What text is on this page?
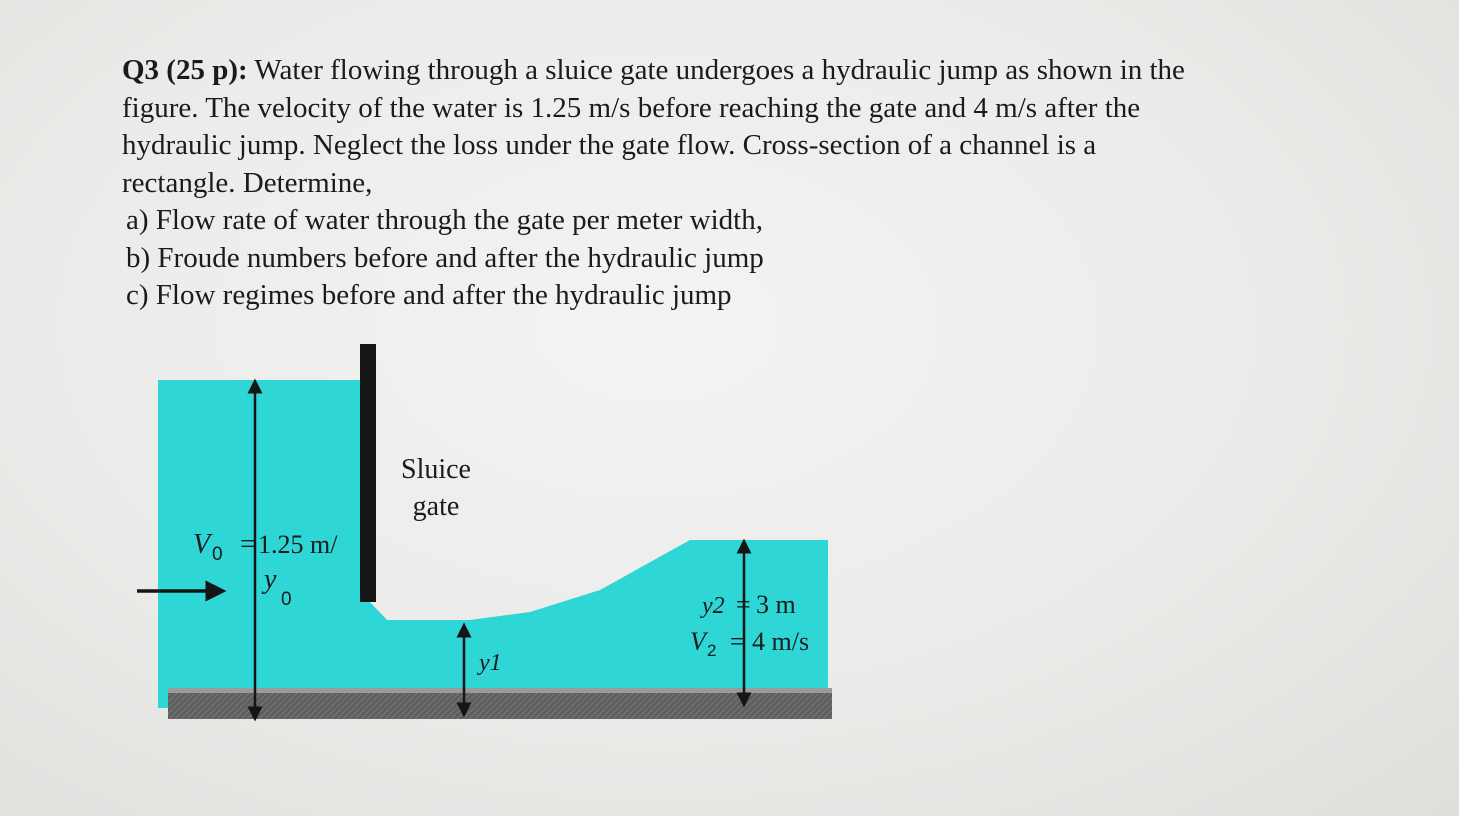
Q3 (25 p): Water flowing through a sluice gate undergoes a hydraulic jump as shown in the
figure. The velocity of the water is 1.25 m/s before reaching the gate and 4 m/s after the
hydraulic jump. Neglect the loss under the gate flow. Cross-section of a channel is a
rectangle. Determine,
a) Flow rate of water through the gate per meter width,
b) Froude numbers before and after the hydraulic jump
c) Flow regimes before and after the hydraulic jump
Sluice
gate
V 0 = 1.25 m/
y
0
y1
y2 = 3 m
V 2 = 4 m/s
